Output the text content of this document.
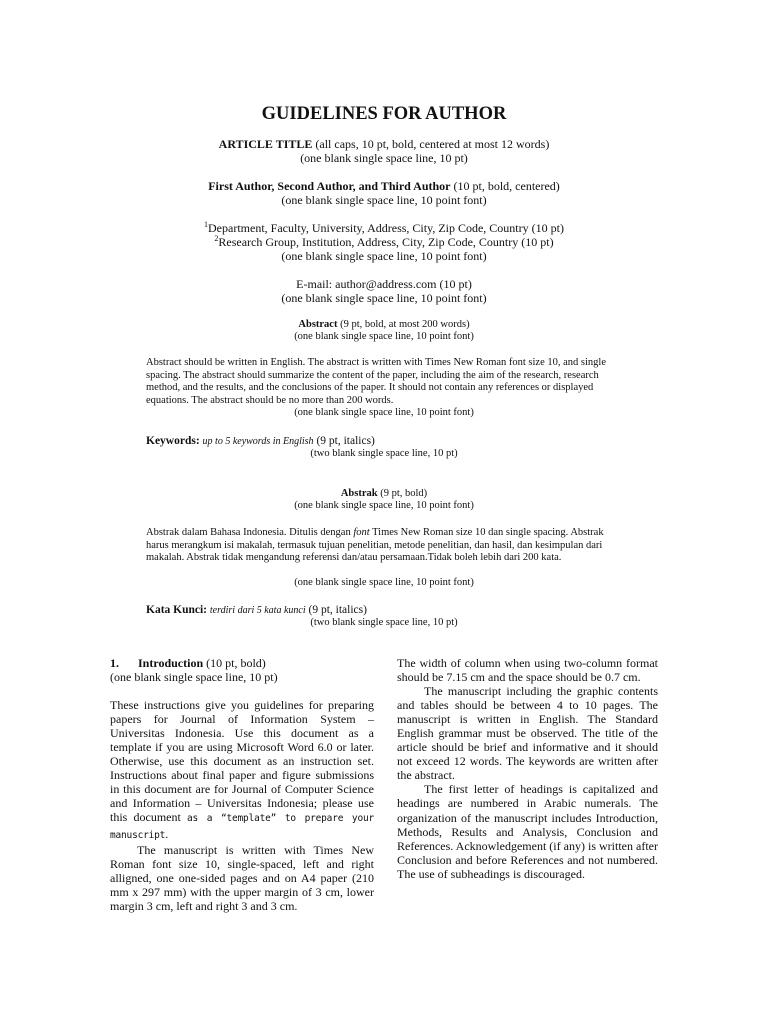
GUIDELINES FOR AUTHOR
ARTICLE TITLE (all caps, 10 pt, bold, centered at most 12 words)
(one blank single space line, 10 pt)
First Author, Second Author, and Third Author (10 pt, bold, centered)
(one blank single space line, 10 point font)
$^1$Department, Faculty, University, Address, City, Zip Code, Country (10 pt)
$^2$Research Group, Institution, Address, City, Zip Code, Country (10 pt)
(one blank single space line, 10 point font)
E-mail: author@address.com (10 pt)
(one blank single space line, 10 point font)
Abstract (9 pt, bold, at most 200 words)
(one blank single space line, 10 point font)
Abstract should be written in English. The abstract is written with Times New Roman font size 10, and single spacing. The abstract should summarize the content of the paper, including the aim of the research, research method, and the results, and the conclusions of the paper. It should not contain any references or displayed equations. The abstract should be no more than 200 words.
(one blank single space line, 10 point font)
Keywords: up to 5 keywords in English (9 pt, italics)
(two blank single space line, 10 pt)
Abstrak (9 pt, bold)
(one blank single space line, 10 point font)
Abstrak dalam Bahasa Indonesia. Ditulis dengan font Times New Roman size 10 dan single spacing. Abstrak harus merangkum isi makalah, termasuk tujuan penelitian, metode penelitian, dan hasil, dan kesimpulan dari makalah. Abstrak tidak mengandung referensi dan/atau persamaan.Tidak boleh lebih dari 200 kata.
(one blank single space line, 10 point font)
Kata Kunci: terdiri dari 5 kata kunci (9 pt, italics)
(two blank single space line, 10 pt)

1. Introduction (10 pt, bold)

(one blank single space line, 10 pt)

These instructions give you guidelines for preparing papers for Journal of Information System – Universitas Indonesia. Use this document as a template if you are using Microsoft Word 6.0 or later. Otherwise, use this document as an instruction set. Instructions about final paper and figure submissions in this document are for Journal of Computer Science and Information – Universitas Indonesia; please use this document as a “template” to prepare your manuscript.

The manuscript is written with Times New Roman font size 10, single-spaced, left and right alligned, one one-sided pages and on A4 paper (210 mm x 297 mm) with the upper margin of 3 cm, lower margin 3 cm, left and right 3 and 3 cm.

The width of column when using two-column format should be 7.15 cm and the space should be 0.7 cm.

The manuscript including the graphic contents and tables should be between 4 to 10 pages. The manuscript is written in English. The Standard English grammar must be observed. The title of the article should be brief and informative and it should not exceed 12 words. The keywords are written after the abstract.

The first letter of headings is capitalized and headings are numbered in Arabic numerals. The organization of the manuscript includes Introduction, Methods, Results and Analysis, Conclusion and References. Acknowledgement (if any) is written after Conclusion and before References and not numbered. The use of subheadings is discouraged.
